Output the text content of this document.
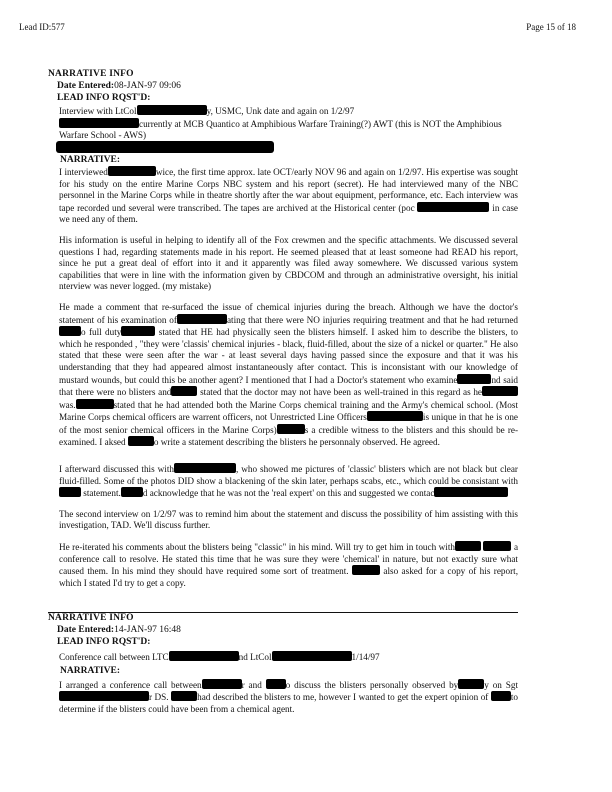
Lead ID:577	Page 15 of 18
NARRATIVE INFO
Date Entered:08-JAN-97 09:06
LEAD INFO RQST'D:
Interview with LtCol	y, USMC, Unk date and again on 1/2/97
currently at MCB Quantico at Amphibious Warfare Training(?) AWT (this is NOT the Amphibious
Warfare School - AWS)
NARRATIVE:
I interviewed	wice, the first time approx. late OCT/early NOV 96 and again on 1/2/97. His expertise was sought for his study on the entire Marine Corps NBC system and his report (secret). He had interviewed many of the NBC personnel in the Marine Corps while in theatre shortly after the war about equipment, performance, etc. Each interview was tape recorded und several were transcribed. The tapes are archived at the Historical center (poc	in case we need any of them.
His information is useful in helping to identify all of the Fox crewmen and the specific attachments. We discussed several questions I had, regarding statements made in his report. He seemed pleased that at least someone had READ his report, since he put a great deal of effort into it and it apparently was filed away somewhere. We discussed various system capabilities that were in line with the information given by CBDCOM and through an administrative oversight, his initial nterview was never logged. (my mistake)
He made a comment that re-surfaced the issue of chemical injuries during the breach. Although we have the doctor's statement of his examination of	ating that there were NO injuries requiring treatment and that he had returnedo full duty	stated that HE had physically seen the blisters himself. I asked him to describe the blisters, to which he responded , "they were 'classis' chemical injuries - black, fluid-filled, about the size of a nickel or quarter." He also stated that these were seen after the war - at least several days having passed since the exposure and that it was his understanding that they had appeared almost instantaneously after contact. This is inconsistant with our knowledge of mustard wounds, but could this be another agent? I mentioned that I had a Doctor's statement who examine	nd said that there were no blisters and	stated that the doctor may not have been as well-trained in this regard as he was.	stated that he had attended both the Marine Corps chemical training and the Army's chemical school. (Most Marine Corps chemical officers are warrent officers, not Unrestricted Line Officers	is unique in that he is one of the most senior chemical officers in the Marine Corps)	s a credible witness to the blisters and this should be re-examined. I aksed	o write a statement describing the blisters he personnaly observed. He agreed.
I afterward discussed this with	, who showed me pictures of 'classic' blisters which are not black but clear fluid-filled. Some of the photos DID show a blackening of the skin later, perhaps scabs, etc., which could be consistant with statement. d acknowledge that he was not the 'real expert' on this and suggested we contac
The second interview on 1/2/97 was to remind him about the statement and discuss the possibility of him assisting with this investigation, TAD. We'll discuss further.
He re-iterated his comments about the blisters being "classic" in his mind. Will try to get him in touch with	a conference call to resolve. He stated this time that he was sure they were 'chemical' in nature, but not exactly sure what caused them. In his mind they should have required some sort of treatment.	also asked for a copy of his report, which I stated I'd try to get a copy.
NARRATIVE INFO
Date Entered:14-JAN-97 16:48
LEAD INFO RQST'D:
Conference call between LTC	nd LtCol	1/14/97
NARRATIVE:
I arranged a conference call between	r and	o discuss the blisters personally observed by	y on Sgtr DS.	had described the blisters to me, however I wanted to get the expert opinion of to determine if the blisters could have been from a chemical agent.
